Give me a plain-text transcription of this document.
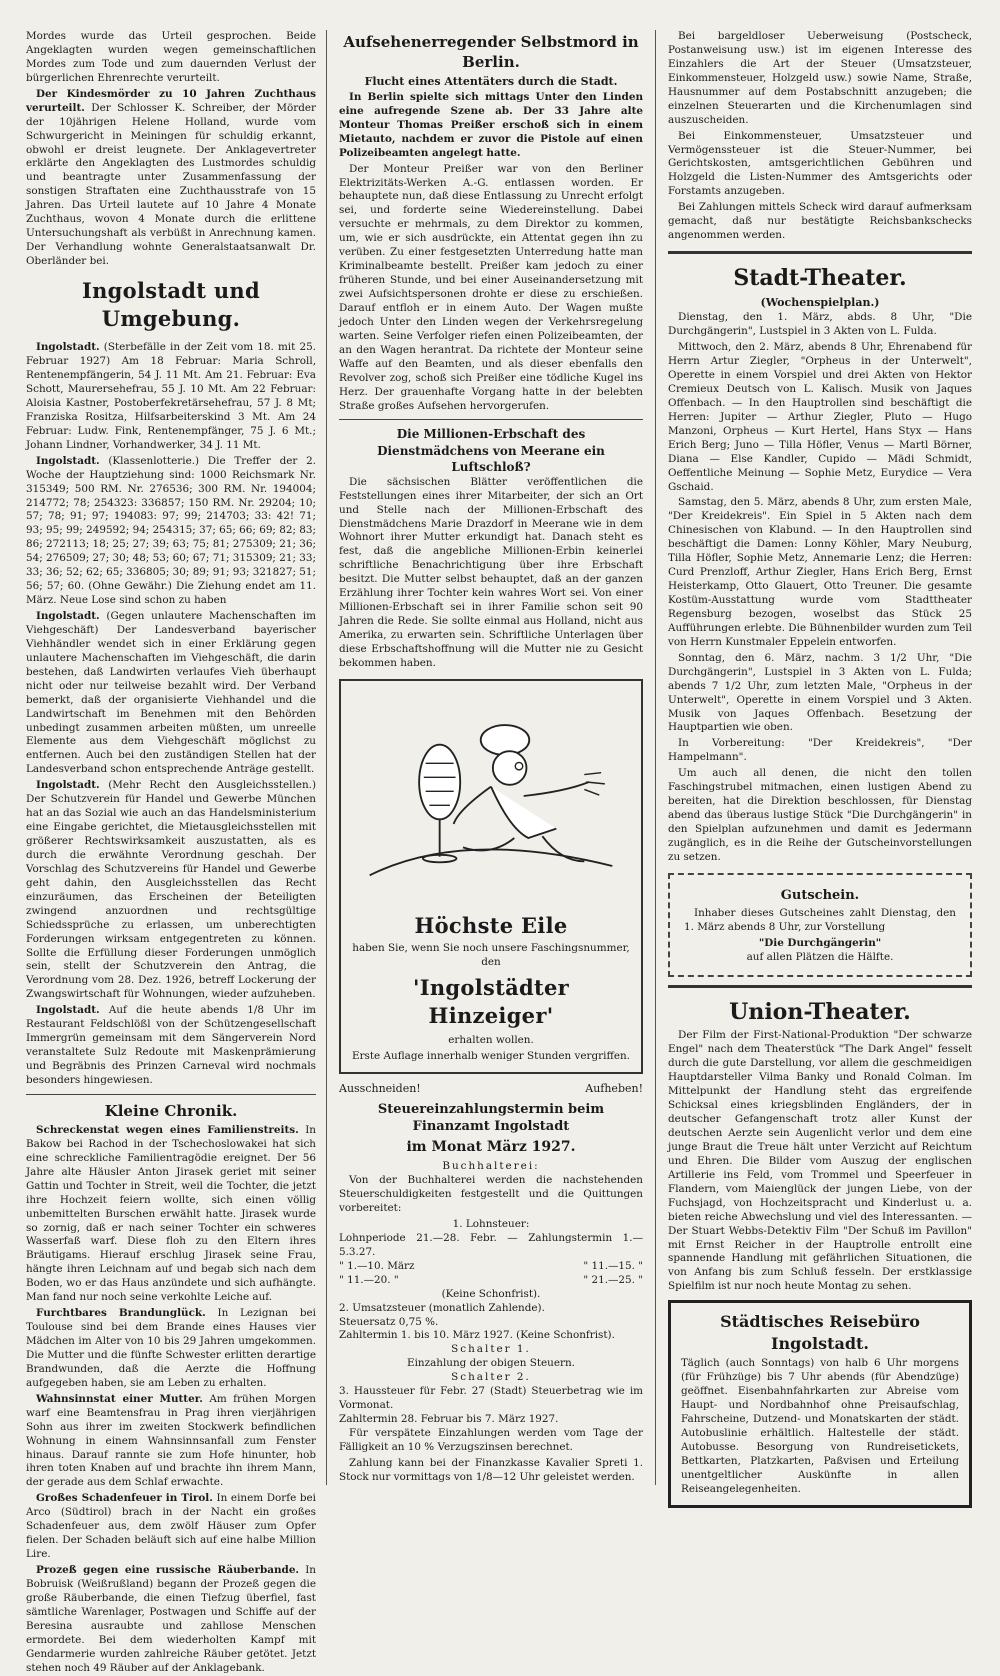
Mordes wurde das Urteil gesprochen. Beide Angeklagten wurden wegen gemeinschaftlichen Mordes zum Tode und zum dauernden Verlust der bürgerlichen Ehrenrechte verurteilt.

Der Kindesmörder zu 10 Jahren Zuchthaus verurteilt. Der Schlosser K. Schreiber, der Mörder der 10jährigen Helene Holland, wurde vom Schwurgericht in Meiningen für schuldig erkannt, obwohl er dreist leugnete. Der Anklagevertreter erklärte den Angeklagten des Lustmordes schuldig und beantragte unter Zusammenfassung der sonstigen Straftaten eine Zuchthausstrafe von 15 Jahren. Das Urteil lautete auf 10 Jahre 4 Monate Zuchthaus, wovon 4 Monate durch die erlittene Untersuchungshaft als verbüßt in Anrechnung kamen. Der Verhandlung wohnte Generalstaatsanwalt Dr. Oberländer bei.

Ingolstadt und Umgebung.

Ingolstadt. (Sterbefälle in der Zeit vom 18. mit 25. Februar 1927) Am 18 Februar: Maria Schroll, Rentenempfängerin, 54 J. 11 Mt. Am 21. Februar: Eva Schott, Maurersehefrau, 55 J. 10 Mt. Am 22 Februar: Aloisia Kastner, Postoberfekretärsehefrau, 57 J. 8 Mt; Franziska Rositza, Hilfsarbeiterskind 3 Mt. Am 24 Februar: Ludw. Fink, Rentenempfänger, 75 J. 6 Mt.; Johann Lindner, Vorhandwerker, 34 J. 11 Mt.

Ingolstadt. (Klassenlotterie.) Die Treffer der 2. Woche der Hauptziehung sind: 1000 Reichsmark Nr. 315349; 500 RM. Nr. 276536; 300 RM. Nr. 194004; 214772; 78; 254323: 336857; 150 RM. Nr. 29204; 10; 57; 78; 91; 97; 194083: 97; 99; 214703; 33: 42! 71; 93; 95; 99; 249592; 94; 254315; 37; 65; 66; 69; 82; 83; 86; 272113; 18; 25; 27; 39; 63; 75; 81; 275309; 21; 36; 54; 276509; 27; 30; 48; 53; 60; 67; 71; 315309; 21; 33; 33; 36; 52; 62; 65; 336805; 30; 89; 91; 93; 321827; 51; 56; 57; 60. (Ohne Gewähr.) Die Ziehung endet am 11. März. Neue Lose sind schon zu haben

Ingolstadt. (Gegen unlautere Machenschaften im Viehgeschäft) Der Landesverband bayerischer Viehhändler wendet sich in einer Erklärung gegen unlautere Machenschaften im Viehgeschäft, die darin bestehen, daß Landwirten verlaufes Vieh überhaupt nicht oder nur teilweise bezahlt wird. Der Verband bemerkt, daß der organisierte Viehhandel und die Landwirtschaft im Benehmen mit den Behörden unbedingt zusammen arbeiten müßten, um unreelle Elemente aus dem Viehgeschäft möglichst zu entfernen. Auch bei den zuständigen Stellen hat der Landesverband schon entsprechende Anträge gestellt.

Ingolstadt. (Mehr Recht den Ausgleichsstellen.) Der Schutzverein für Handel und Gewerbe München hat an das Sozial wie auch an das Handelsministerium eine Eingabe gerichtet, die Mietausgleichsstellen mit größerer Rechtswirksamkeit auszustatten, als es durch die erwähnte Verordnung geschah. Der Vorschlag des Schutzvereins für Handel und Gewerbe geht dahin, den Ausgleichsstellen das Recht einzuräumen, das Erscheinen der Beteiligten zwingend anzuordnen und rechtsgültige Schiedssprüche zu erlassen, um unberechtigten Forderungen wirksam entgegentreten zu können. Sollte die Erfüllung dieser Forderungen unmöglich sein, stellt der Schutzverein den Antrag, die Verordnung vom 28. Dez. 1926, betreff Lockerung der Zwangswirtschaft für Wohnungen, wieder aufzuheben.

Ingolstadt. Auf die heute abends 1/8 Uhr im Restaurant Feldschlößl von der Schützengesellschaft Immergrün gemeinsam mit dem Sängerverein Nord veranstaltete Sulz Redoute mit Maskenprämierung und Begräbnis des Prinzen Carneval wird nochmals besonders hingewiesen.

Kleine Chronik.

Schreckenstat wegen eines Familienstreits. In Bakow bei Rachod in der Tschechoslowakei hat sich eine schreckliche Familientragödie ereignet. Der 56 Jahre alte Häusler Anton Jirasek geriet mit seiner Gattin und Tochter in Streit, weil die Tochter, die jetzt ihre Hochzeit feiern wollte, sich einen völlig unbemittelten Burschen erwählt hatte. Jirasek wurde so zornig, daß er nach seiner Tochter ein schweres Wasserfaß warf. Diese floh zu den Eltern ihres Bräutigams. Hierauf erschlug Jirasek seine Frau, hängte ihren Leichnam auf und begab sich nach dem Boden, wo er das Haus anzündete und sich aufhängte. Man fand nur noch seine verkohlte Leiche auf.

Furchtbares Brandunglück. In Lezignan bei Toulouse sind bei dem Brande eines Hauses vier Mädchen im Alter von 10 bis 29 Jahren umgekommen. Die Mutter und die fünfte Schwester erlitten derartige Brandwunden, daß die Aerzte die Hoffnung aufgegeben haben, sie am Leben zu erhalten.

Wahnsinnstat einer Mutter. Am frühen Morgen warf eine Beamtensfrau in Prag ihren vierjährigen Sohn aus ihrer im zweiten Stockwerk befindlichen Wohnung in einem Wahnsinnsanfall zum Fenster hinaus. Darauf rannte sie zum Hofe hinunter, hob ihren toten Knaben auf und brachte ihn ihrem Mann, der gerade aus dem Schlaf erwachte.

Großes Schadenfeuer in Tirol. In einem Dorfe bei Arco (Südtirol) brach in der Nacht ein großes Schadenfeuer aus, dem zwölf Häuser zum Opfer fielen. Der Schaden beläuft sich auf eine halbe Million Lire.

Prozeß gegen eine russische Räuberbande. In Bobruisk (Weißrußland) begann der Prozeß gegen die große Räuberbande, die einen Tiefzug überfiel, fast sämtliche Warenlager, Postwagen und Schiffe auf der Beresina ausraubte und zahllose Menschen ermordete. Bei dem wiederholten Kampf mit Gendarmerie wurden zahlreiche Räuber getötet. Jetzt stehen noch 49 Räuber auf der Anklagebank.

Aufsehenerregender Selbstmord in Berlin.
Flucht eines Attentäters durch die Stadt.

In Berlin spielte sich mittags Unter den Linden eine aufregende Szene ab. Der 33 Jahre alte Monteur Thomas Preißer erschoß sich in einem Mietauto, nachdem er zuvor die Pistole auf einen Polizeibeamten angelegt hatte.

Der Monteur Preißer war von den Berliner Elektrizitäts-Werken A.-G. entlassen worden. Er behauptete nun, daß diese Entlassung zu Unrecht erfolgt sei, und forderte seine Wiedereinstellung. Dabei versuchte er mehrmals, zu dem Direktor zu kommen, um, wie er sich ausdrückte, ein Attentat gegen ihn zu verüben. Zu einer festgesetzten Unterredung hatte man Kriminalbeamte bestellt. Preißer kam jedoch zu einer früheren Stunde, und bei einer Auseinandersetzung mit zwei Aufsichtspersonen drohte er diese zu erschießen. Darauf entfloh er in einem Auto. Der Wagen mußte jedoch Unter den Linden wegen der Verkehrsregelung warten. Seine Verfolger riefen einen Polizeibeamten, der an den Wagen herantrat. Da richtete der Monteur seine Waffe auf den Beamten, und als dieser ebenfalls den Revolver zog, schoß sich Preißer eine tödliche Kugel ins Herz. Der grauenhafte Vorgang hatte in der belebten Straße großes Aufsehen hervorgerufen.

Die Millionen-Erbschaft des Dienstmädchens von Meerane ein Luftschloß?

Die sächsischen Blätter veröffentlichen die Feststellungen eines ihrer Mitarbeiter, der sich an Ort und Stelle nach der Millionen-Erbschaft des Dienstmädchens Marie Drazdorf in Meerane wie in dem Wohnort ihrer Mutter erkundigt hat. Danach steht es fest, daß die angebliche Millionen-Erbin keinerlei schriftliche Benachrichtigung über ihre Erbschaft besitzt. Die Mutter selbst behauptet, daß an der ganzen Erzählung ihrer Tochter kein wahres Wort sei. Von einer Millionen-Erbschaft sei in ihrer Familie schon seit 90 Jahren die Rede. Sie sollte einmal aus Holland, nicht aus Amerika, zu erwarten sein. Schriftliche Unterlagen über diese Erbschaftshoffnung will die Mutter nie zu Gesicht bekommen haben.

Höchste Eile

haben Sie, wenn Sie noch unsere Faschingsnummer, den

'Ingolstädter Hinzeiger'

erhalten wollen.

Erste Auflage innerhalb weniger Stunden vergriffen.

Ausschneiden!	Aufheben!
Steuereinzahlungstermin beim Finanzamt Ingolstadt
im Monat März 1927.
Buchhalterei:

Von der Buchhalterei werden die nachstehenden Steuerschuldigkeiten festgestellt und die Quittungen vorbereitet:

1. Lohnsteuer:
Lohnperiode 21.—28. Febr. — Zahlungstermin 1.—5.3.27.
" 1.—10. März	" 11.—15. "
" 11.—20. "	" 21.—25. "
(Keine Schonfrist).
2. Umsatzsteuer (monatlich Zahlende).
Steuersatz 0,75 %.
Zahltermin 1. bis 10. März 1927. (Keine Schonfrist).
Schalter 1.
Einzahlung der obigen Steuern.
Schalter 2.
3. Haussteuer für Febr. 27 (Stadt) Steuerbetrag wie im Vormonat.
Zahltermin 28. Februar bis 7. März 1927.

Für verspätete Einzahlungen werden vom Tage der Fälligkeit an 10 % Verzugszinsen berechnet.

Zahlung kann bei der Finanzkasse Kavalier Spreti 1. Stock nur vormittags von 1/8—12 Uhr geleistet werden.

Bei bargeldloser Ueberweisung (Postscheck, Postanweisung usw.) ist im eigenen Interesse des Einzahlers die Art der Steuer (Umsatzsteuer, Einkommensteuer, Holzgeld usw.) sowie Name, Straße, Hausnummer auf dem Postabschnitt anzugeben; die einzelnen Steuerarten und die Kirchenumlagen sind auszuscheiden.

Bei Einkommensteuer, Umsatzsteuer und Vermögenssteuer ist die Steuer-Nummer, bei Gerichtskosten, amtsgerichtlichen Gebühren und Holzgeld die Listen-Nummer des Amtsgerichts oder Forstamts anzugeben.

Bei Zahlungen mittels Scheck wird darauf aufmerksam gemacht, daß nur bestätigte Reichsbankschecks angenommen werden.

Stadt-Theater.
(Wochenspielplan.)

Dienstag, den 1. März, abds. 8 Uhr, "Die Durchgängerin", Lustspiel in 3 Akten von L. Fulda.

Mittwoch, den 2. März, abends 8 Uhr, Ehrenabend für Herrn Artur Ziegler, "Orpheus in der Unterwelt", Operette in einem Vorspiel und drei Akten von Hektor Cremieux Deutsch von L. Kalisch. Musik von Jaques Offenbach. — In den Hauptrollen sind beschäftigt die Herren: Jupiter — Arthur Ziegler, Pluto — Hugo Manzoni, Orpheus — Kurt Hertel, Hans Styx — Hans Erich Berg; Juno — Tilla Höfler, Venus — Martl Börner, Diana — Else Kandler, Cupido — Mädi Schmidt, Oeffentliche Meinung — Sophie Metz, Eurydice — Vera Gschaid.

Samstag, den 5. März, abends 8 Uhr, zum ersten Male, "Der Kreidekreis". Ein Spiel in 5 Akten nach dem Chinesischen von Klabund. — In den Hauptrollen sind beschäftigt die Damen: Lonny Köhler, Mary Neuburg, Tilla Höfler, Sophie Metz, Annemarie Lenz; die Herren: Curd Prenzloff, Arthur Ziegler, Hans Erich Berg, Ernst Heisterkamp, Otto Glauert, Otto Treuner. Die gesamte Kostüm-Ausstattung wurde vom Stadttheater Regensburg bezogen, woselbst das Stück 25 Aufführungen erlebte. Die Bühnenbilder wurden zum Teil von Herrn Kunstmaler Eppelein entworfen.

Sonntag, den 6. März, nachm. 3 1/2 Uhr, "Die Durchgängerin", Lustspiel in 3 Akten von L. Fulda; abends 7 1/2 Uhr, zum letzten Male, "Orpheus in der Unterwelt", Operette in einem Vorspiel und 3 Akten. Musik von Jaques Offenbach. Besetzung der Hauptpartien wie oben.

In Vorbereitung: "Der Kreidekreis", "Der Hampelmann".

Um auch all denen, die nicht den tollen Faschingstrubel mitmachen, einen lustigen Abend zu bereiten, hat die Direktion beschlossen, für Dienstag abend das überaus lustige Stück "Die Durchgängerin" in den Spielplan aufzunehmen und damit es Jedermann zugänglich, es in die Reihe der Gutscheinvorstellungen zu setzen.

Gutschein.

Inhaber dieses Gutscheines zahlt Dienstag, den 1. März abends 8 Uhr, zur Vorstellung

"Die Durchgängerin"
auf allen Plätzen die Hälfte.
Union-Theater.

Der Film der First-National-Produktion "Der schwarze Engel" nach dem Theaterstück "The Dark Angel" fesselt durch die gute Darstellung, vor allem die geschmeidigen Hauptdarsteller Vilma Banky und Ronald Colman. Im Mittelpunkt der Handlung steht das ergreifende Schicksal eines kriegsblinden Engländers, der in deutscher Gefangenschaft trotz aller Kunst der deutschen Aerzte sein Augenlicht verlor und dem eine junge Braut die Treue hält unter Verzicht auf Reichtum und Ehren. Die Bilder vom Auszug der englischen Artillerie ins Feld, vom Trommel und Speerfeuer in Flandern, vom Maienglück der jungen Liebe, von der Fuchsjagd, von Hochzeitspracht und Kinderlust u. a. bieten reiche Abwechslung und viel des Interessanten. — Der Stuart Webbs-Detektiv Film "Der Schuß im Pavillon" mit Ernst Reicher in der Hauptrolle entrollt eine spannende Handlung mit gefährlichen Situationen, die von Anfang bis zum Schluß fesseln. Der erstklassige Spielfilm ist nur noch heute Montag zu sehen.

Städtisches Reisebüro Ingolstadt.

Täglich (auch Sonntags) von halb 6 Uhr morgens (für Frühzüge) bis 7 Uhr abends (für Abendzüge) geöffnet. Eisenbahnfahrkarten zur Abreise vom Haupt- und Nordbahnhof ohne Preisaufschlag, Fahrscheine, Dutzend- und Monatskarten der städt. Autobuslinie erhältlich. Haltestelle der städt. Autobusse. Besorgung von Rundreisetickets, Bettkarten, Platzkarten, Paßvisen und Erteilung unentgeltlicher Auskünfte in allen Reiseangelegenheiten.
